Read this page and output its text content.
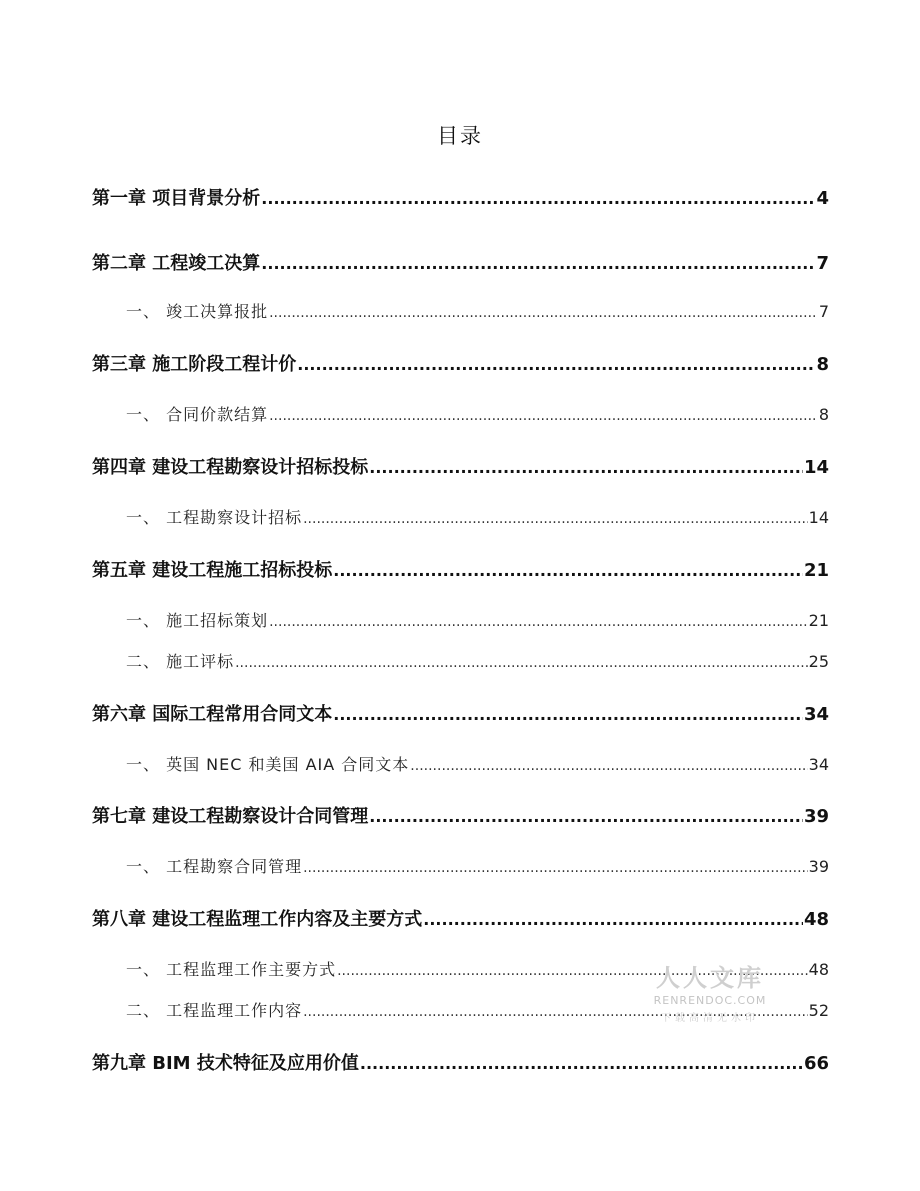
目录
第一章 项目背景分析 .....	4
第二章 工程竣工决算 .....	7
一、 竣工决算报批 .....	7
第三章 施工阶段工程计价 .....	8
一、 合同价款结算 .....	8
第四章 建设工程勘察设计招标投标 .....	14
一、 工程勘察设计招标 .....	14
第五章 建设工程施工招标投标 .....	21
一、 施工招标策划 .....	21
二、 施工评标 .....	25
第六章 国际工程常用合同文本 .....	34
一、 英国 NEC 和美国 AIA 合同文本 .....	34
第七章 建设工程勘察设计合同管理 .....	39
一、 工程勘察合同管理 .....	39
第八章 建设工程监理工作内容及主要方式 .....	48
一、 工程监理工作主要方式 .....	48
二、 工程监理工作内容 .....	52
第九章 BIM 技术特征及应用价值 .....	66
人人文库
RENRENDOC.COM
下载高清无水印
